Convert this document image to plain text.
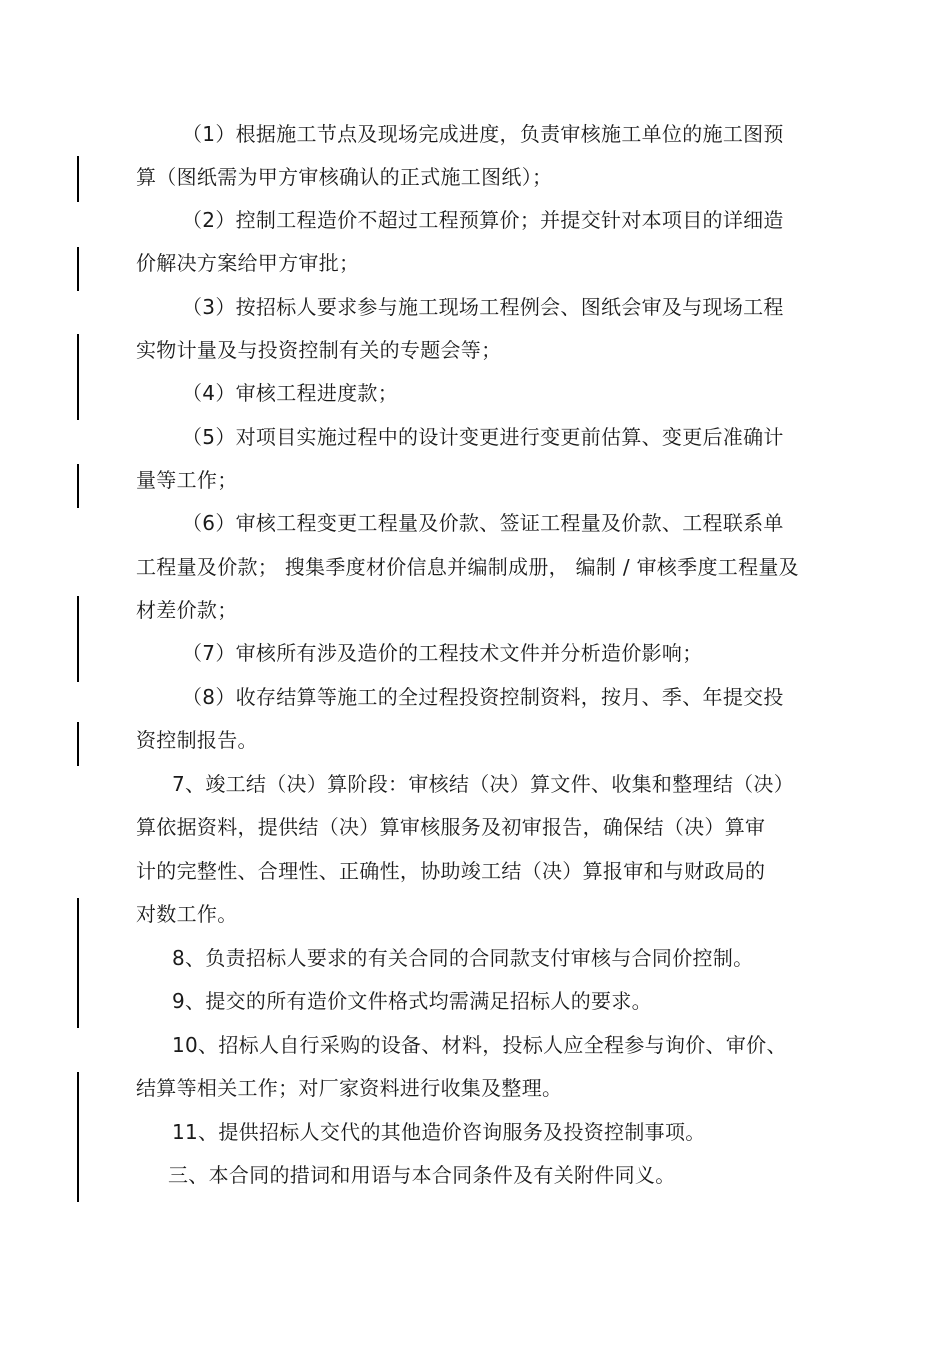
（1）根据施工节点及现场完成进度，负责审核施工单位的施工图预
算（图纸需为甲方审核确认的正式施工图纸）；
（2）控制工程造价不超过工程预算价；并提交针对本项目的详细造
价解决方案给甲方审批；
（3）按招标人要求参与施工现场工程例会、图纸会审及与现场工程
实物计量及与投资控制有关的专题会等；
（4）审核工程进度款；
（5）对项目实施过程中的设计变更进行变更前估算、变更后准确计
量等工作；
（6）审核工程变更工程量及价款、签证工程量及价款、工程联系单
工程量及价款； 搜集季度材价信息并编制成册， 编制 / 审核季度工程量及
材差价款；
（7）审核所有涉及造价的工程技术文件并分析造价影响；
（8）收存结算等施工的全过程投资控制资料，按月、季、年提交投
资控制报告。
7、竣工结（决）算阶段：审核结（决）算文件、收集和整理结（决）
算依据资料，提供结（决）算审核服务及初审报告，确保结（决）算审
计的完整性、合理性、正确性，协助竣工结（决）算报审和与财政局的
对数工作。
8、负责招标人要求的有关合同的合同款支付审核与合同价控制。
9、提交的所有造价文件格式均需满足招标人的要求。
10、招标人自行采购的设备、材料，投标人应全程参与询价、审价、
结算等相关工作；对厂家资料进行收集及整理。
11、提供招标人交代的其他造价咨询服务及投资控制事项。
三、本合同的措词和用语与本合同条件及有关附件同义。
